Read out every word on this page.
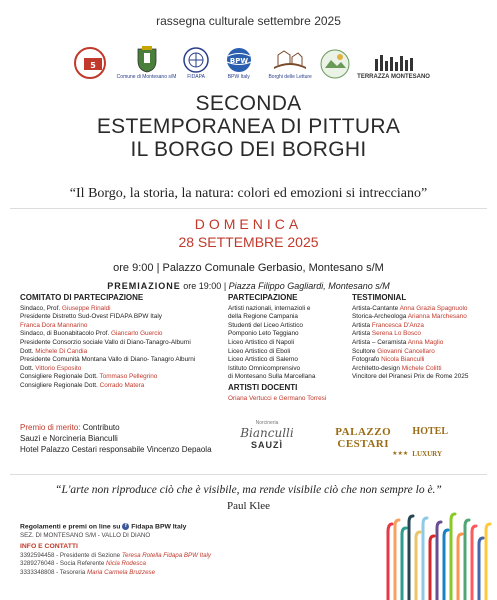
rassegna culturale settembre 2025
5
Comune di Montesano s/M FIDAPA
BPW
BPW Italy	Borghi delle Letture	TERRAZZA MONTESANO
SECONDA
ESTEMPORANEA DI PITTURA
IL BORGO DEI BORGHI
“Il Borgo, la storia, la natura: colori ed emozioni si intrecciano”
DOMENICA
28 SETTEMBRE 2025
ore 9:00 | Palazzo Comunale Gerbasio, Montesano s/M
PREMIAZIONE ore 19:00 | Piazza Filippo Gagliardi, Montesano s/M
COMITATO DI PARTECIPAZIONE
Sindaco, Prof. Giuseppe Rinaldi
Presidente Distretto Sud-Ovest FIDAPA BPW Italy
Franca Dora Mannarino
Sindaco, di Buonabitacolo Prof. Giancarlo Guercio
Presidente Consorzio sociale Vallo di Diano-Tanagro-Alburni
Dott. Michele Di Candia
Presidente Comunità Montana Vallo di Diano- Tanagro Alburni
Dott. Vittorio Esposito
Consigliere Regionale Dott. Tommaso Pellegrino
Consigliere Regionale Dott. Corrado Matera
PARTECIPAZIONE
Artisti nazionali, internazioli e
della Regione Campania
Studenti del Liceo Artistico
Pomponio Leto Teggiano
Liceo Artistico di Napoli
Liceo Artistico di Eboli
Liceo Artistico di Salerno
Istituto Omnicomprensivo
di Montesano Sulla Marcellana
ARTISTI DOCENTI
Oriana Vertucci e Germano Torresi
TESTIMONIAL
Artista-Cantante Anna Grazia Spagnuolo
Storica-Archeologa Arianna Marchesano
Artista Francesca D'Anza
Artista Serena Lo Bosco
Artista – Ceramista Anna Maglio
Scultore Giovanni Cancellaro
Fotografo Nicola Bianculli
Architetto-design Michele Colitti
Vincitore del Piranesi Prix de Rome 2025
Premio di merito: Contributo
Sauzì e Norcineria Bianculli
Hotel Palazzo Cestari responsabile Vincenzo Depaola
Norcineria
Bianculli
SAUZÌ
PALAZZO CESTARI
HOTEL
★★★ LUXURY
“L'arte non riproduce ciò che è visibile, ma rende visibile ciò che non sempre lo è.”
Paul Klee
Regolamenti e premi on line su f Fidapa BPW Italy
SEZ. DI MONTESANO S/M - VALLO DI DIANO
INFO E CONTATTI
3392594458 - Presidente di Sezione Teresa Rotella Fidapa BPW Italy
3289276048 - Socia Referente Nicla Rodesca
3333348808 - Tesoreria Maria Carmela Bruzzese
